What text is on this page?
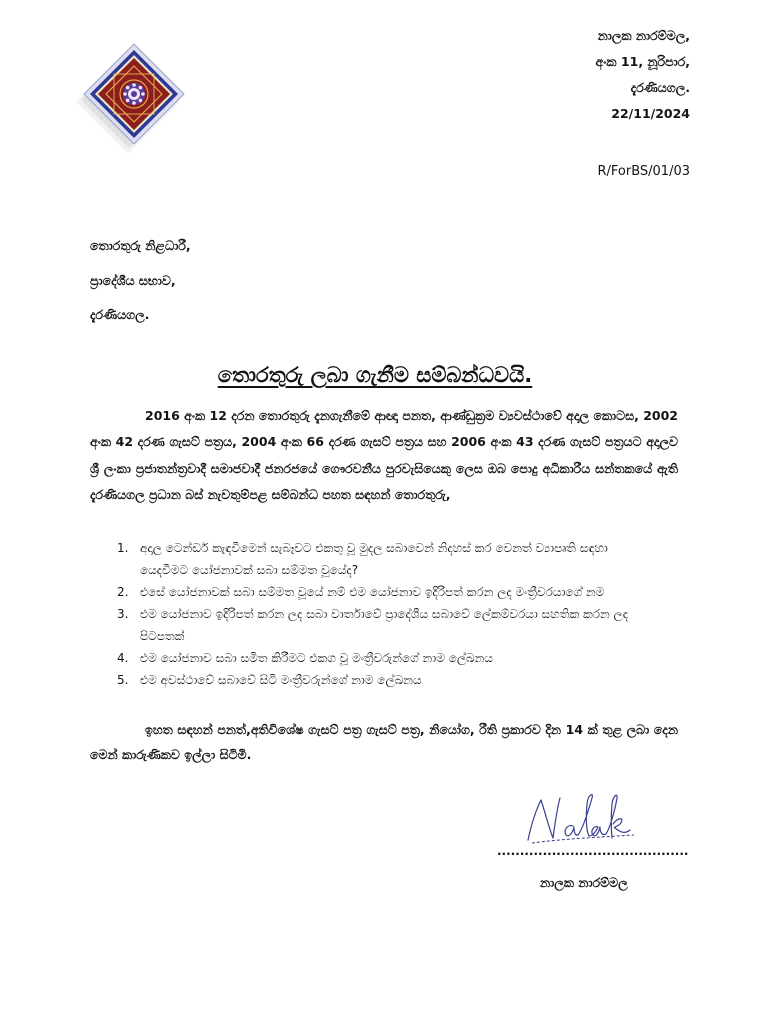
නාලක නාරම්මල,
අංක 11, නූරිපාර,
දැරණියගල.
22/11/2024
R/ForBS/01/03
තොරතුරු නිළධාරී,
ප්‍රාදේශීය සභාව,
දැරණියගල.
තොරතුරු ලබා ගැනීම සම්බන්ධවයි.
2016 අංක 12 දරන තොරතුරු දැනගැනීමේ ආඥා පනත, ආණ්ඩුක්‍රම ව්‍යවස්ථාවේ අදාල කොටස, 2002 අංක 42 දරණ ගැසට් පත්‍රය, 2004 අංක 66 දරණ ගැසට් පත්‍රය සහ 2006 අංක 43 දරණ ගැසට් පත්‍රයට අදාලව ශ්‍රී ලංකා ප්‍රජාතන්ත්‍රවාදී සමාජවාදී ජනරජයේ ගෞරවනීය පුරවැසියෙකු ලෙස ඔබ පොදු අධිකාරීය සන්තකයේ ඇති දැරණියගල ප්‍රධාන බස් නැවතුම්පළ සම්බන්ධ පහත සඳහන් තොරතුරු,
1. අදාල ටෙන්ඩර් කැඳවීමෙන් සැබෑවට එකතු වූ මුදල සබාවෙන් නිදහස් කර වෙනත් ව්‍යාපෘති සඳහා යෙදවීමට යෝජනාවක් සබා සම්මත වූයේද?
2. එසේ යෝජනාවක් සබා සම්මත වූයේ නම් එම යෝජනාව ඉදිරිපත් කරන ලද මංත්‍රීවරයාගේ නම
3. එම යෝජනාව ඉදිරිපත් කරන ලද සබා වාර්තාවේ ප්‍රාදේශීය සබාවේ ලේකම්වරයා සහතික කරන ලද පිටපතක්
4. එම යෝජනාව සබා සමිත කිරීමට එකග වූ මංත්‍රීවරුන්ගේ නාම ලේඛනය
5. එම අවස්ථාවේ සබාවේ සිටි මංත්‍රීවරුන්ගේ නාම ලේඛනය
ඉහත සඳහන් පනත්,අතිවිශේෂ ගැසට් පත්‍ර ගැසට් පත්‍ර, නියෝග, රීති ප්‍රකාරව දින 14 ක් තුළ ලබා දෙන මෙන් කාරුණිකව ඉල්ලා සිටිමි.
..........................................
නාලක නාරම්මල
